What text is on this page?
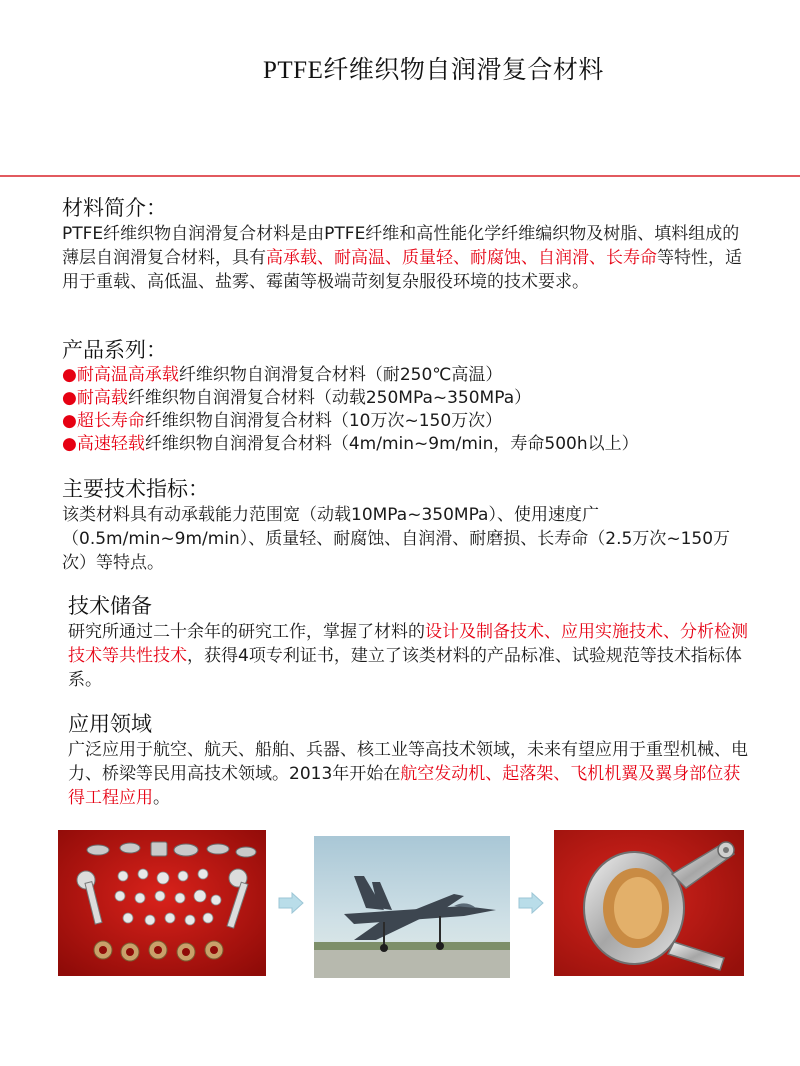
PTFE纤维织物自润滑复合材料
材料简介：
PTFE纤维织物自润滑复合材料是由PTFE纤维和高性能化学纤维编织物及树脂、填料组成的薄层自润滑复合材料，具有高承载、耐高温、质量轻、耐腐蚀、自润滑、长寿命等特性，适用于重载、高低温、盐雾、霉菌等极端苛刻复杂服役环境的技术要求。
产品系列：
●耐高温高承载纤维织物自润滑复合材料（耐250℃高温）
●耐高载纤维织物自润滑复合材料（动载250MPa~350MPa）
●超长寿命纤维织物自润滑复合材料（10万次~150万次）
●高速轻载纤维织物自润滑复合材料（4m/min~9m/min，寿命500h以上）
主要技术指标：
该类材料具有动承载能力范围宽（动载10MPa~350MPa）、使用速度广（0.5m/min~9m/min）、质量轻、耐腐蚀、自润滑、耐磨损、长寿命（2.5万次~150万次）等特点。
技术储备
研究所通过二十余年的研究工作，掌握了材料的设计及制备技术、应用实施技术、分析检测技术等共性技术，获得4项专利证书，建立了该类材料的产品标准、试验规范等技术指标体系。
应用领域
广泛应用于航空、航天、船舶、兵器、核工业等高技术领域，未来有望应用于重型机械、电力、桥梁等民用高技术领域。2013年开始在航空发动机、起落架、飞机机翼及翼身部位获得工程应用。
